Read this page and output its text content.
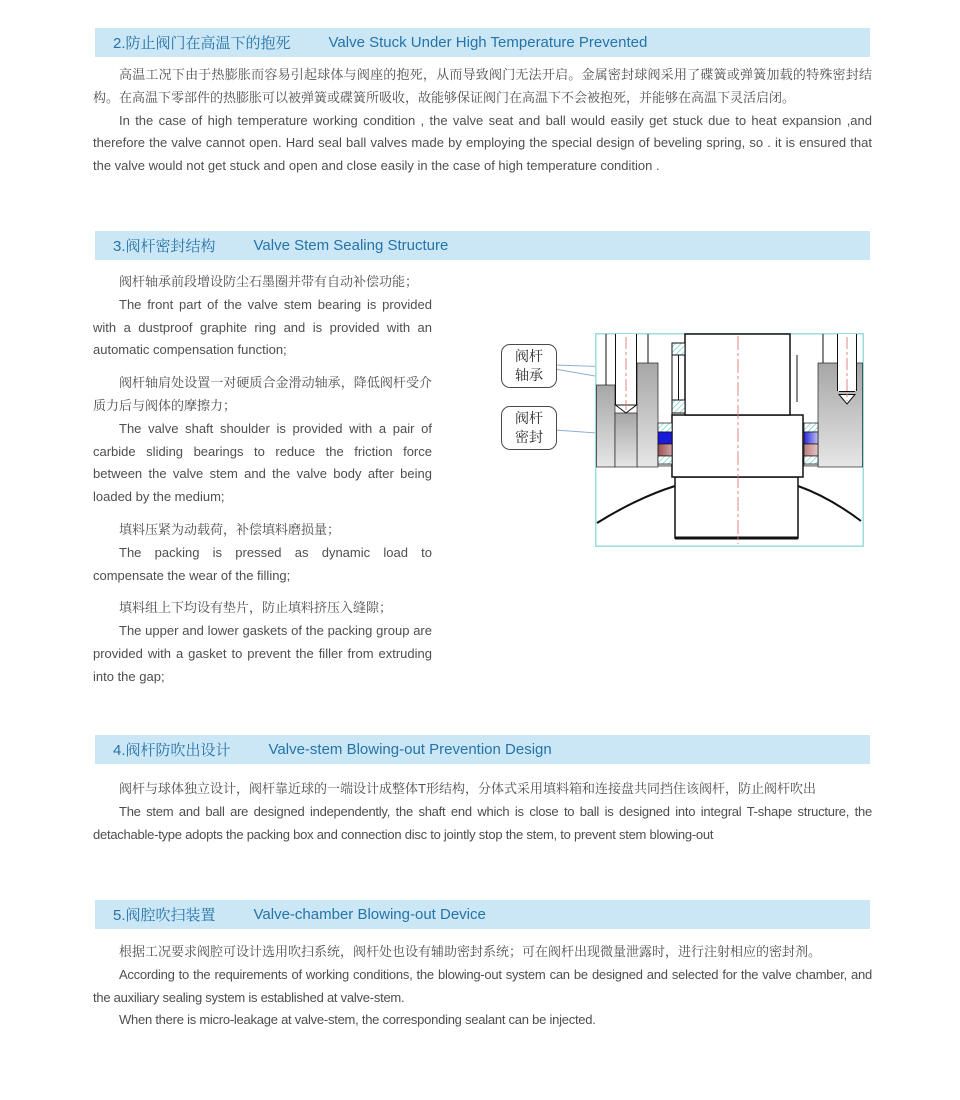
2.防止阀门在高温下的抱死	Valve Stuck Under High Temperature Prevented

高温工况下由于热膨胀而容易引起球体与阀座的抱死，从而导致阀门无法开启。金属密封球阀采用了碟簧或弹簧加载的特殊密封结构。在高温下零部件的热膨胀可以被弹簧或碟簧所吸收，故能够保证阀门在高温下不会被抱死，并能够在高温下灵活启闭。

In the case of high temperature working condition , the valve seat and ball would easily get stuck due to heat expansion ,and therefore the valve cannot open. Hard seal ball valves made by employing the special design of beveling spring, so . it is ensured that the valve would not get stuck and open and close easily in the case of high temperature condition .

3.阀杆密封结构	Valve Stem Sealing Structure

阀杆轴承前段增设防尘石墨圈并带有自动补偿功能；

The front part of the valve stem bearing is provided with a dustproof graphite ring and is provided with an automatic compensation function;

阀杆轴肩处设置一对硬质合金滑动轴承，降低阀杆受介质力后与阀体的摩擦力；

The valve shaft shoulder is provided with a pair of carbide sliding bearings to reduce the friction force between the valve stem and the valve body after being loaded by the medium;

填料压紧为动载荷，补偿填料磨损量；

The packing is pressed as dynamic load to compensate the wear of the filling;

填料组上下均设有垫片，防止填料挤压入缝隙；

The upper and lower gaskets of the packing group are provided with a gasket to prevent the filler from extruding into the gap;

阀杆
轴承
阀杆
密封
4.阀杆防吹出设计	Valve-stem Blowing-out Prevention Design

阀杆与球体独立设计，阀杆靠近球的一端设计成整体T形结构，分体式采用填料箱和连接盘共同挡住该阀杆，防止阀杆吹出

The stem and ball are designed independently, the shaft end which is close to ball is designed into integral T-shape structure, the detachable-type adopts the packing box and connection disc to jointly stop the stem, to prevent stem blowing-out

5.阀腔吹扫装置	Valve-chamber Blowing-out Device

根据工况要求阀腔可设计选用吹扫系统，阀杆处也设有辅助密封系统；可在阀杆出现微量泄露时，进行注射相应的密封剂。

According to the requirements of working conditions, the blowing-out system can be designed and selected for the valve chamber, and the auxiliary sealing system is established at valve-stem.

When there is micro-leakage at valve-stem, the corresponding sealant can be injected.
